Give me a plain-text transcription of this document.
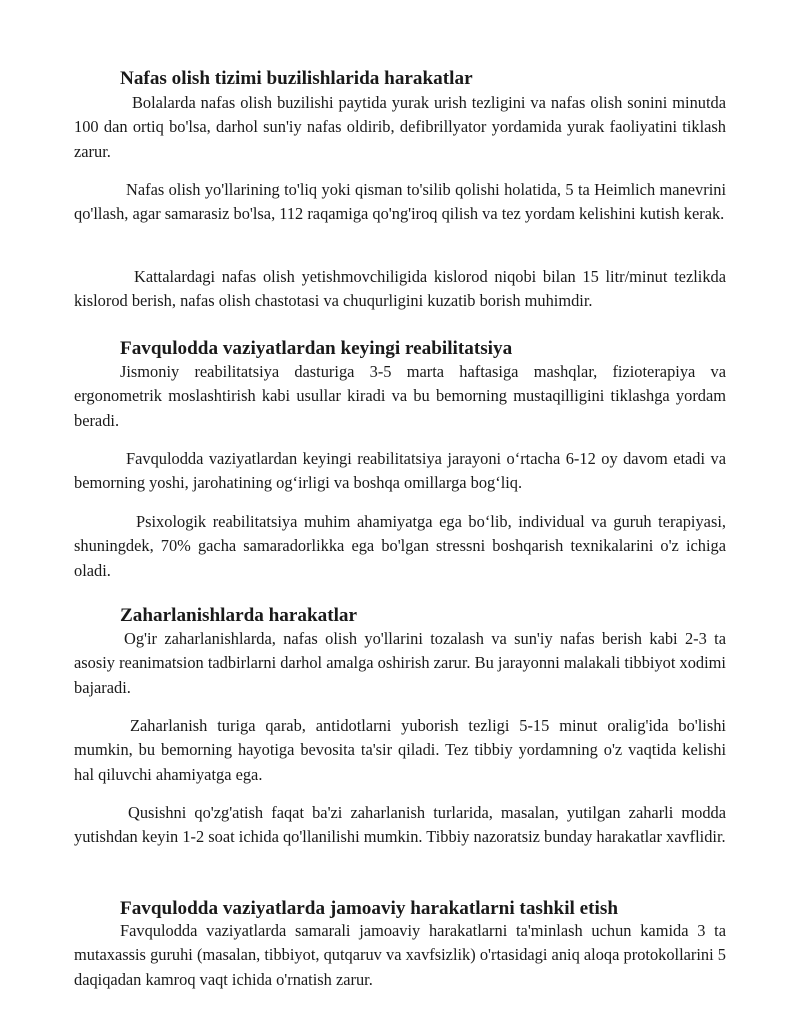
Nafas olish tizimi buzilishlarida harakatlar

Bolalarda nafas olish buzilishi paytida yurak urish tezligini va nafas olish sonini minutda 100 dan ortiq bo'lsa, darhol sun'iy nafas oldirib, defibrillyator yordamida yurak faoliyatini tiklash zarur.

Nafas olish yo'llarining to'liq yoki qisman to'silib qolishi holatida, 5 ta Heimlich manevrini qo'llash, agar samarasiz bo'lsa, 112 raqamiga qo'ng'iroq qilish va tez yordam kelishini kutish kerak.

Kattalardagi nafas olish yetishmovchiligida kislorod niqobi bilan 15 litr/minut tezlikda kislorod berish, nafas olish chastotasi va chuqurligini kuzatib borish muhimdir.

Favqulodda vaziyatlardan keyingi reabilitatsiya

Jismoniy reabilitatsiya dasturiga 3-5 marta haftasiga mashqlar, fizioterapiya va ergonometrik moslashtirish kabi usullar kiradi va bu bemorning mustaqilligini tiklashga yordam beradi.

Favqulodda vaziyatlardan keyingi reabilitatsiya jarayoni o‘rtacha 6-12 oy davom etadi va bemorning yoshi, jarohatining og‘irligi va boshqa omillarga bog‘liq.

Psixologik reabilitatsiya muhim ahamiyatga ega bo‘lib, individual va guruh terapiyasi, shuningdek, 70% gacha samaradorlikka ega bo'lgan stressni boshqarish texnikalarini o'z ichiga oladi.

Zaharlanishlarda harakatlar

Og'ir zaharlanishlarda, nafas olish yo'llarini tozalash va sun'iy nafas berish kabi 2-3 ta asosiy reanimatsion tadbirlarni darhol amalga oshirish zarur. Bu jarayonni malakali tibbiyot xodimi bajaradi.

Zaharlanish turiga qarab, antidotlarni yuborish tezligi 5-15 minut oralig'ida bo'lishi mumkin, bu bemorning hayotiga bevosita ta'sir qiladi. Tez tibbiy yordamning o'z vaqtida kelishi hal qiluvchi ahamiyatga ega.

Qusishni qo'zg'atish faqat ba'zi zaharlanish turlarida, masalan, yutilgan zaharli modda yutishdan keyin 1-2 soat ichida qo'llanilishi mumkin. Tibbiy nazoratsiz bunday harakatlar xavflidir.

Favqulodda vaziyatlarda jamoaviy harakatlarni tashkil etish

Favqulodda vaziyatlarda samarali jamoaviy harakatlarni ta'minlash uchun kamida 3 ta mutaxassis guruhi (masalan, tibbiyot, qutqaruv va xavfsizlik) o'rtasidagi aniq aloqa protokollarini 5 daqiqadan kamroq vaqt ichida o'rnatish zarur.
